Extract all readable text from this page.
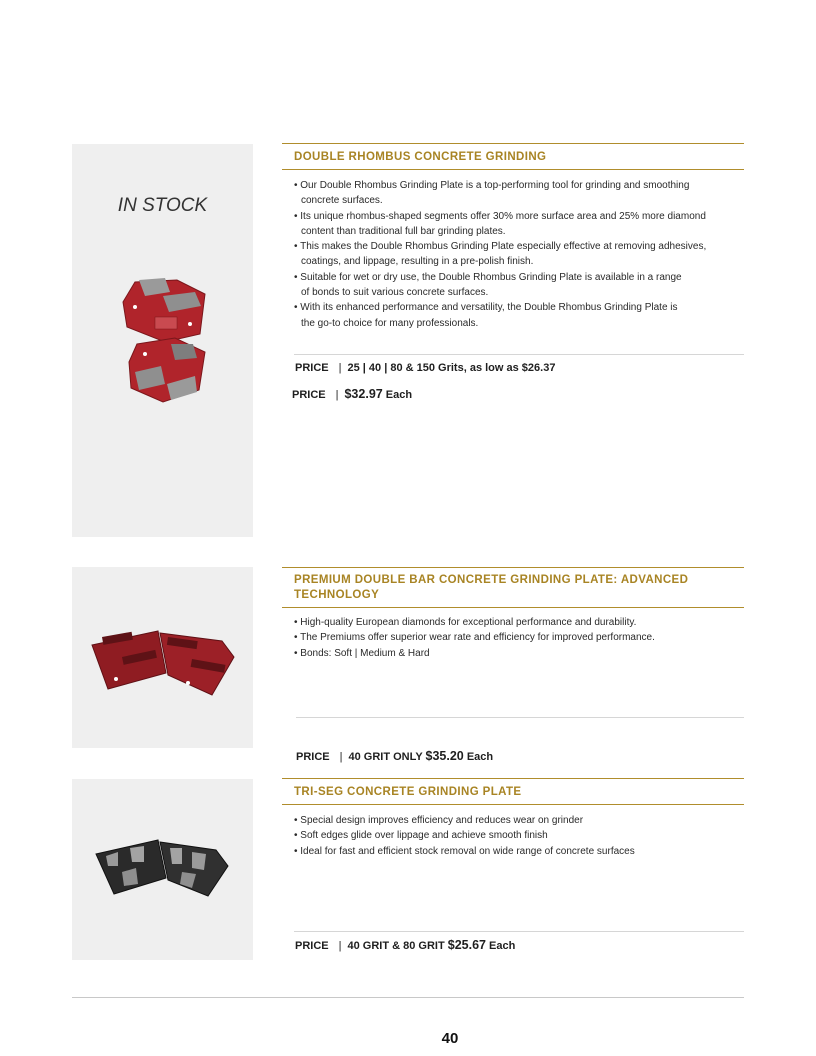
IN STOCK
DOUBLE RHOMBUS CONCRETE GRINDING
• Our Double Rhombus Grinding Plate is a top-performing tool for grinding and smoothing
concrete surfaces.
• Its unique rhombus-shaped segments offer 30% more surface area and 25% more diamond
content than traditional full bar grinding plates.
• This makes the Double Rhombus Grinding Plate especially effective at removing adhesives,
coatings, and lippage, resulting in a pre-polish finish.
• Suitable for wet or dry use, the Double Rhombus Grinding Plate is available in a range
of bonds to suit various concrete surfaces.
• With its enhanced performance and versatility, the Double Rhombus Grinding Plate is
the go-to choice for many professionals.
PRICE | 25 | 40 | 80 & 150 Grits, as low as $26.37
PRICE | $32.97 Each
PREMIUM DOUBLE BAR CONCRETE GRINDING PLATE: ADVANCED
TECHNOLOGY
• High-quality European diamonds for exceptional performance and durability.
• The Premiums offer superior wear rate and efficiency for improved performance.
• Bonds: Soft | Medium & Hard
PRICE | 40 GRIT ONLY $35.20 Each
TRI-SEG CONCRETE GRINDING PLATE
• Special design improves efficiency and reduces wear on grinder
• Soft edges glide over lippage and achieve smooth finish
• Ideal for fast and efficient stock removal on wide range of concrete surfaces
PRICE | 40 GRIT & 80 GRIT $25.67 Each
40
